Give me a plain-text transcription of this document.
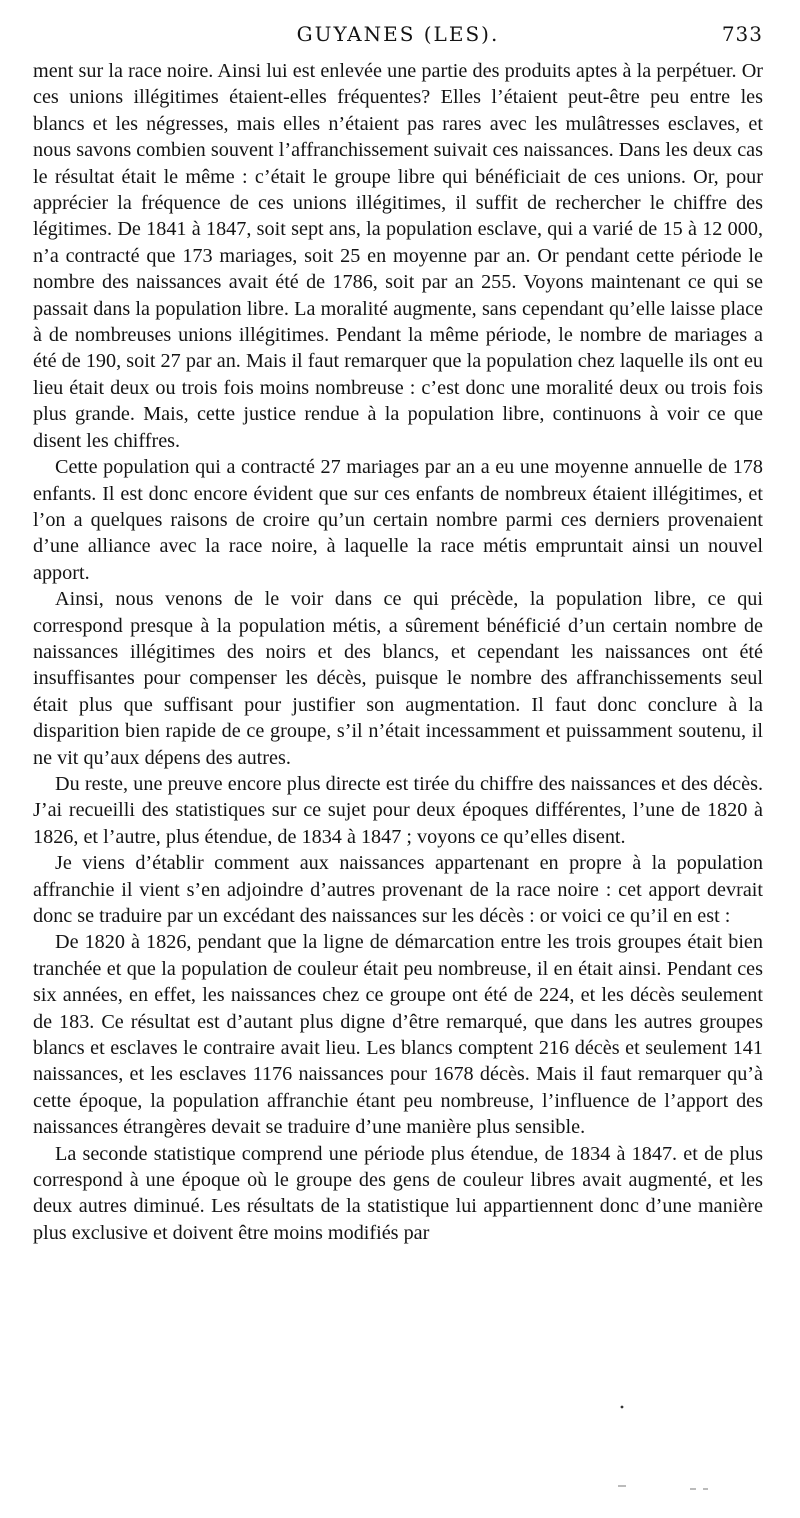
GUYANES (LES).	733

ment sur la race noire. Ainsi lui est enlevée une partie des produits aptes à la perpétuer. Or ces unions illégitimes étaient-elles fréquentes? Elles l’étaient peut-être peu entre les blancs et les négresses, mais elles n’étaient pas rares avec les mulâtresses esclaves, et nous savons combien souvent l’affranchissement suivait ces naissances. Dans les deux cas le résultat était le même : c’était le groupe libre qui bénéficiait de ces unions. Or, pour apprécier la fréquence de ces unions illégitimes, il suffit de rechercher le chiffre des légitimes. De 1841 à 1847, soit sept ans, la population esclave, qui a varié de 15 à 12 000, n’a contracté que 173 mariages, soit 25 en moyenne par an. Or pendant cette période le nombre des naissances avait été de 1786, soit par an 255. Voyons maintenant ce qui se passait dans la population libre. La moralité augmente, sans cependant qu’elle laisse place à de nombreuses unions illégitimes. Pendant la même période, le nombre de mariages a été de 190, soit 27 par an. Mais il faut remarquer que la population chez laquelle ils ont eu lieu était deux ou trois fois moins nombreuse : c’est donc une moralité deux ou trois fois plus grande. Mais, cette justice rendue à la population libre, continuons à voir ce que disent les chiffres.

Cette population qui a contracté 27 mariages par an a eu une moyenne annuelle de 178 enfants. Il est donc encore évident que sur ces enfants de nombreux étaient illégitimes, et l’on a quelques raisons de croire qu’un certain nombre parmi ces derniers provenaient d’une alliance avec la race noire, à laquelle la race métis empruntait ainsi un nouvel apport.

Ainsi, nous venons de le voir dans ce qui précède, la population libre, ce qui correspond presque à la population métis, a sûrement bénéficié d’un certain nombre de naissances illégitimes des noirs et des blancs, et cependant les naissances ont été insuffisantes pour compenser les décès, puisque le nombre des affranchissements seul était plus que suffisant pour justifier son augmentation. Il faut donc conclure à la disparition bien rapide de ce groupe, s’il n’était incessamment et puissamment soutenu, il ne vit qu’aux dépens des autres.

Du reste, une preuve encore plus directe est tirée du chiffre des naissances et des décès. J’ai recueilli des statistiques sur ce sujet pour deux époques différentes, l’une de 1820 à 1826, et l’autre, plus étendue, de 1834 à 1847 ; voyons ce qu’elles disent.

Je viens d’établir comment aux naissances appartenant en propre à la population affranchie il vient s’en adjoindre d’autres provenant de la race noire : cet apport devrait donc se traduire par un excédant des naissances sur les décès : or voici ce qu’il en est :

De 1820 à 1826, pendant que la ligne de démarcation entre les trois groupes était bien tranchée et que la population de couleur était peu nombreuse, il en était ainsi. Pendant ces six années, en effet, les naissances chez ce groupe ont été de 224, et les décès seulement de 183. Ce résultat est d’autant plus digne d’être remarqué, que dans les autres groupes blancs et esclaves le contraire avait lieu. Les blancs comptent 216 décès et seulement 141 naissances, et les esclaves 1176 naissances pour 1678 décès. Mais il faut remarquer qu’à cette époque, la population affranchie étant peu nombreuse, l’influence de l’apport des naissances étrangères devait se traduire d’une manière plus sensible.

La seconde statistique comprend une période plus étendue, de 1834 à 1847. et de plus correspond à une époque où le groupe des gens de couleur libres avait augmenté, et les deux autres diminué. Les résultats de la statistique lui appartiennent donc d’une manière plus exclusive et doivent être moins modifiés par
